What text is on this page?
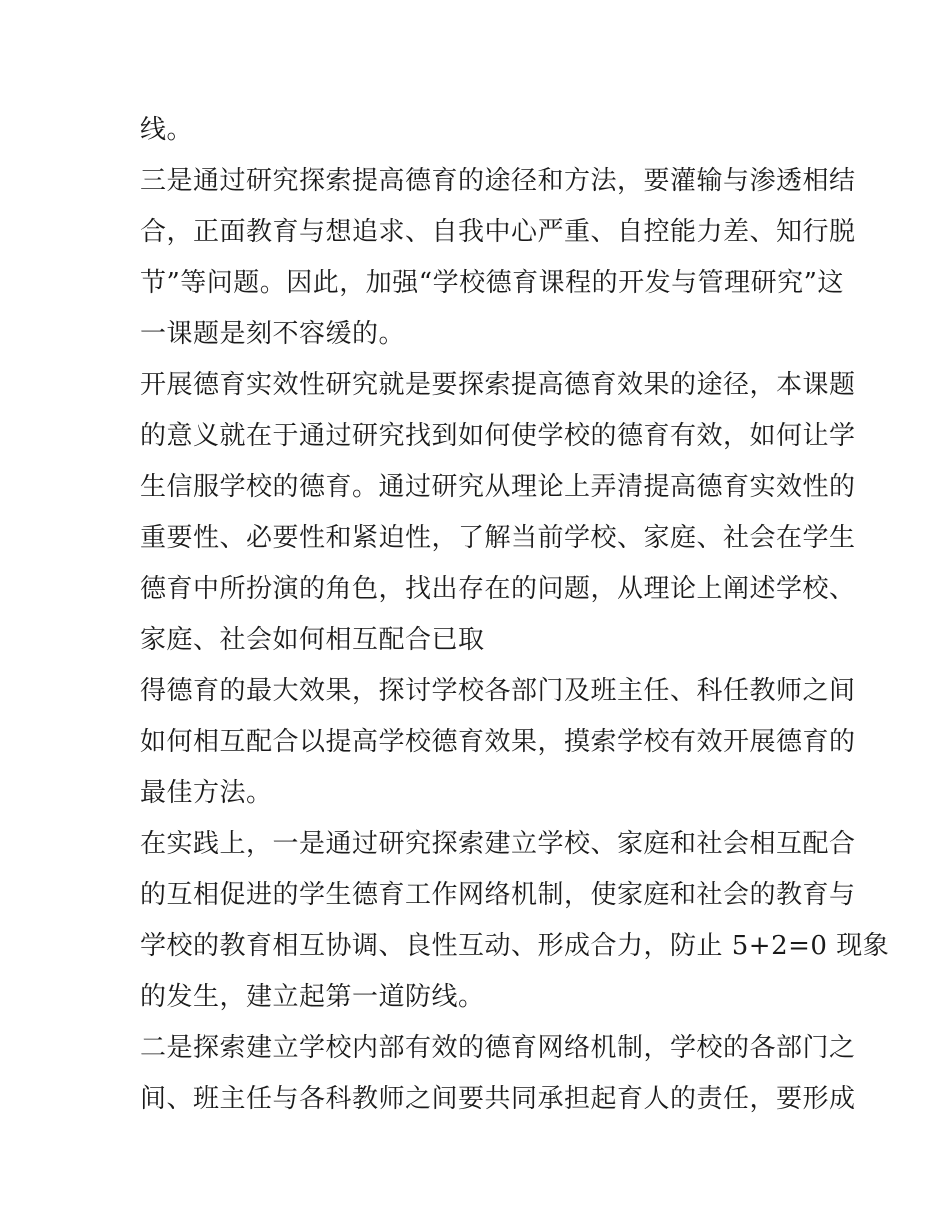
线。
三是通过研究探索提高德育的途径和方法，要灌输与渗透相结
合，正面教育与想追求、自我中心严重、自控能力差、知行脱
节”等问题。因此，加强“学校德育课程的开发与管理研究”这
一课题是刻不容缓的。
开展德育实效性研究就是要探索提高德育效果的途径，本课题
的意义就在于通过研究找到如何使学校的德育有效，如何让学
生信服学校的德育。通过研究从理论上弄清提高德育实效性的
重要性、必要性和紧迫性，了解当前学校、家庭、社会在学生
德育中所扮演的角色，找出存在的问题，从理论上阐述学校、
家庭、社会如何相互配合已取
得德育的最大效果，探讨学校各部门及班主任、科任教师之间
如何相互配合以提高学校德育效果，摸索学校有效开展德育的
最佳方法。
在实践上，一是通过研究探索建立学校、家庭和社会相互配合
的互相促进的学生德育工作网络机制，使家庭和社会的教育与
学校的教育相互协调、良性互动、形成合力，防止 5+2=0 现象
的发生，建立起第一道防线。
二是探索建立学校内部有效的德育网络机制，学校的各部门之
间、班主任与各科教师之间要共同承担起育人的责任，要形成
